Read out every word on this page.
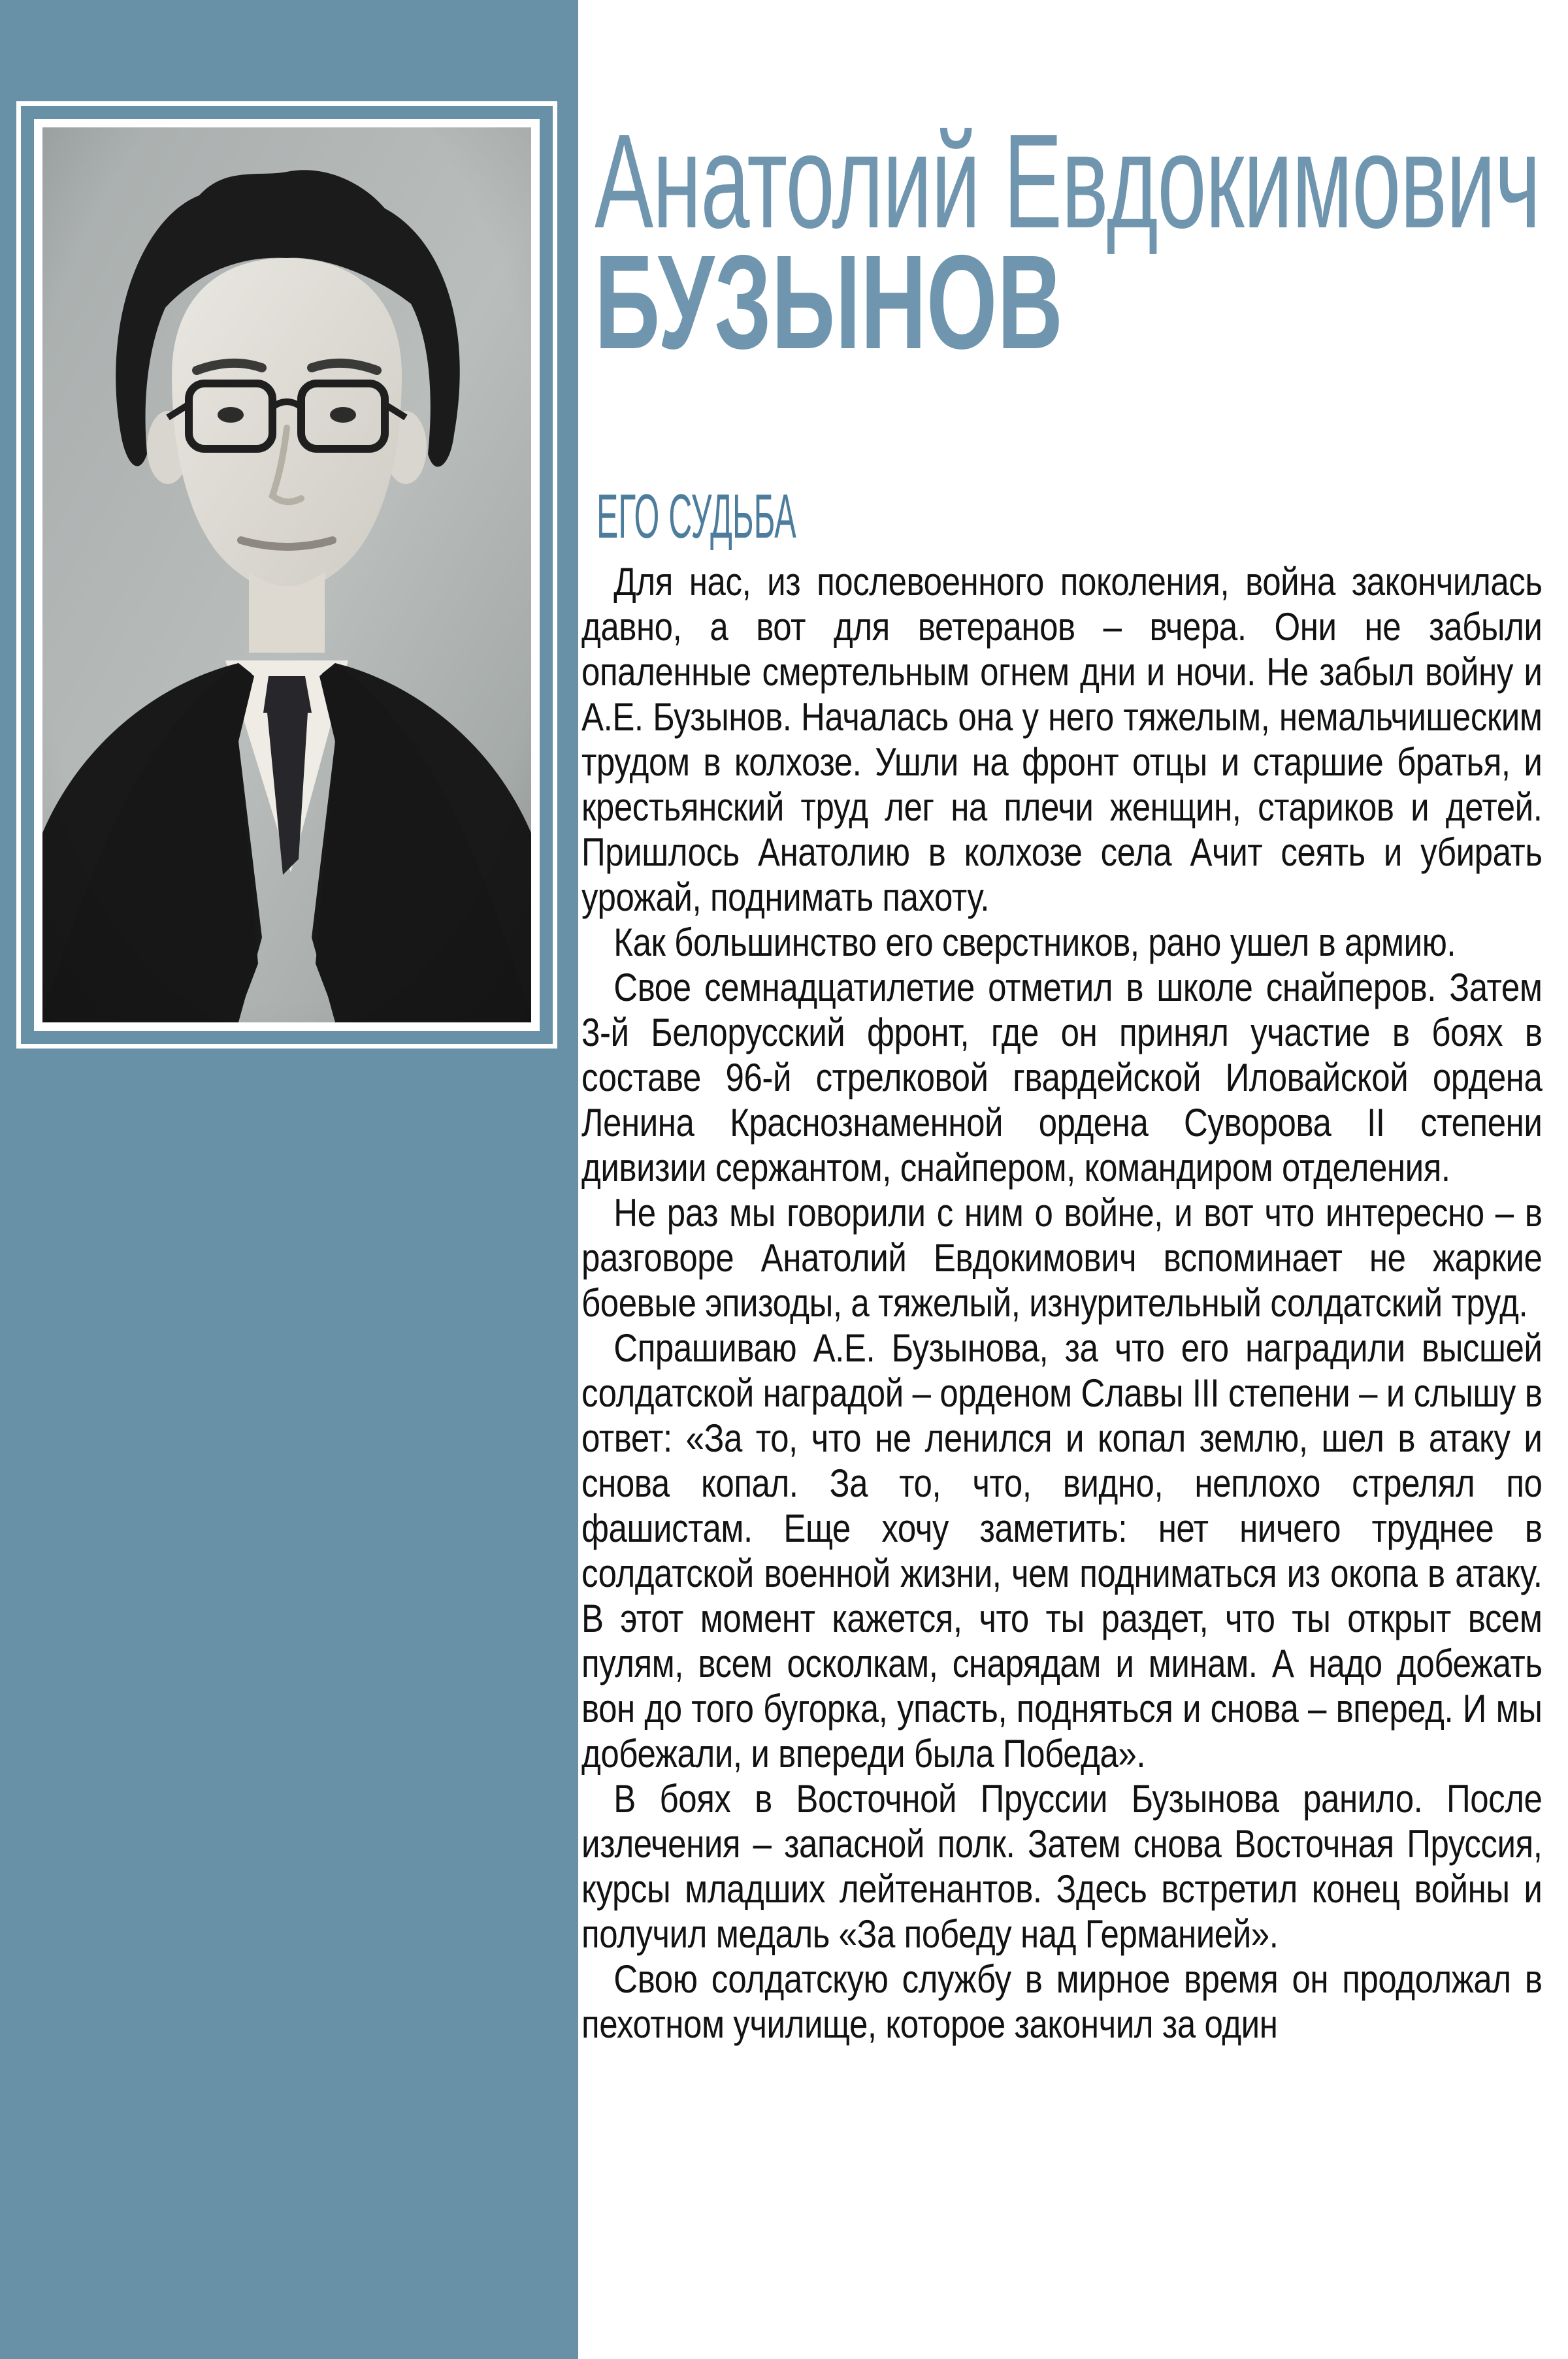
Анатолий Евдокимович
БУЗЫНОВ
ЕГО СУДЬБА

Для нас, из послевоенного поколения, война закончилась давно, а вот для ветеранов – вчера. Они не забыли опаленные смертельным огнем дни и ночи. Не забыл войну и А.Е. Бузынов. Началась она у него тяжелым, немальчишеским трудом в колхозе. Ушли на фронт отцы и старшие братья, и крестьянский труд лег на плечи женщин, стариков и детей. Пришлось Анатолию в колхозе села Ачит сеять и убирать урожай, поднимать пахоту.

Как большинство его сверстников, рано ушел в армию.

Свое семнадцатилетие отметил в школе снайперов. Затем 3-й Белорусский фронт, где он принял участие в боях в составе 96-й стрелковой гвардейской Иловайской ордена Ленина Краснознаменной ордена Суворова II степени дивизии сержантом, снайпером, командиром отделения.

Не раз мы говорили с ним о войне, и вот что интересно – в разговоре Анатолий Евдокимович вспоминает не жаркие боевые эпизоды, а тяжелый, изнурительный солдатский труд.

Спрашиваю А.Е. Бузынова, за что его наградили высшей солдатской наградой – орденом Славы III степени – и слышу в ответ: «За то, что не ленился и копал землю, шел в атаку и снова копал. За то, что, видно, неплохо стрелял по фашистам. Еще хочу заметить: нет ничего труднее в солдатской военной жизни, чем подниматься из окопа в атаку. В этот момент кажется, что ты раздет, что ты открыт всем пулям, всем осколкам, снарядам и минам. А надо добежать вон до того бугорка, упасть, подняться и снова – вперед. И мы добежали, и впереди была Победа».

В боях в Восточной Пруссии Бузынова ранило. После излечения – запасной полк. Затем снова Восточная Пруссия, курсы младших лейтенантов. Здесь встретил конец войны и получил медаль «За победу над Германией».

Свою солдатскую службу в мирное время он продолжал в пехотном училище, которое закончил за один
